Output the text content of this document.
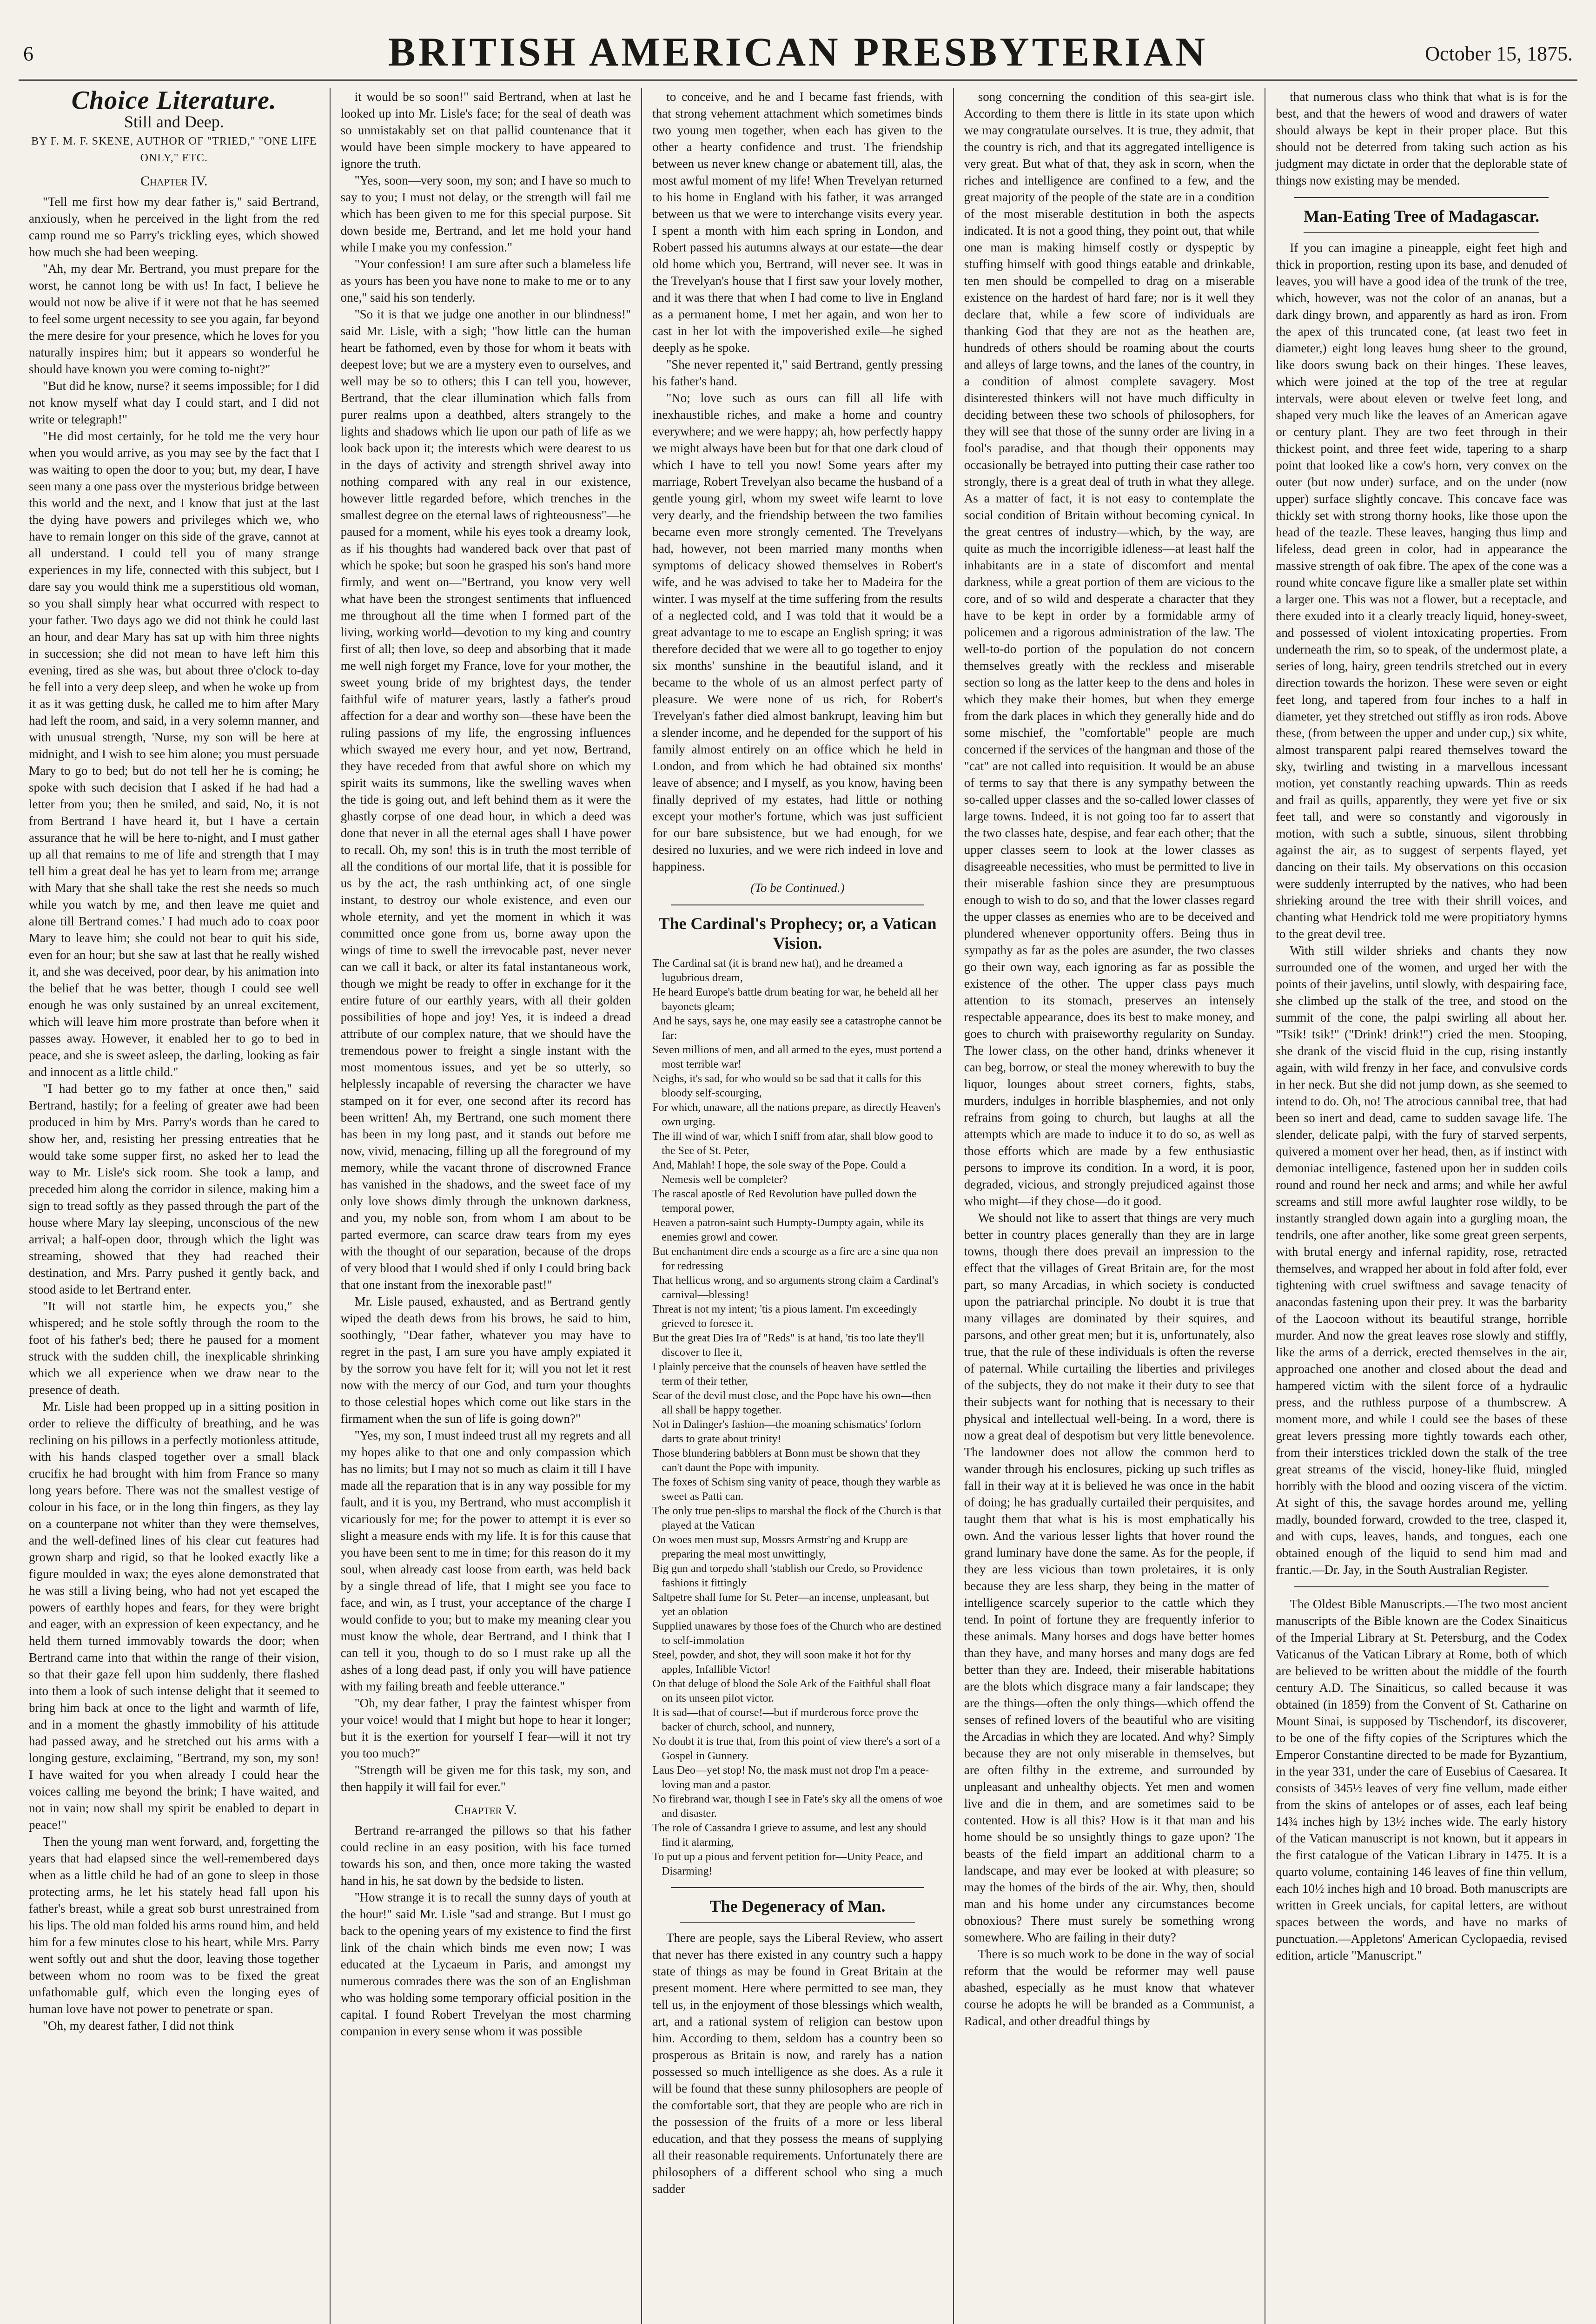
6	BRITISH AMERICAN PRESBYTERIAN	October 15, 1875.
Choice Literature.
Still and Deep.
BY F. M. F. SKENE, AUTHOR OF "TRIED," "ONE LIFE ONLY," ETC.
Chapter IV.

"Tell me first how my dear father is," said Bertrand, anxiously, when he perceived in the light from the red camp round me so Parry's trickling eyes, which showed how much she had been weeping.

"Ah, my dear Mr. Bertrand, you must prepare for the worst, he cannot long be with us! In fact, I believe he would not now be alive if it were not that he has seemed to feel some urgent necessity to see you again, far beyond the mere desire for your presence, which he loves for you naturally inspires him; but it appears so wonderful he should have known you were coming to-night?"

"But did he know, nurse? it seems impossible; for I did not know myself what day I could start, and I did not write or telegraph!"

"He did most certainly, for he told me the very hour when you would arrive, as you may see by the fact that I was waiting to open the door to you; but, my dear, I have seen many a one pass over the mysterious bridge between this world and the next, and I know that just at the last the dying have powers and privileges which we, who have to remain longer on this side of the grave, cannot at all understand. I could tell you of many strange experiences in my life, connected with this subject, but I dare say you would think me a superstitious old woman, so you shall simply hear what occurred with respect to your father. Two days ago we did not think he could last an hour, and dear Mary has sat up with him three nights in succession; she did not mean to have left him this evening, tired as she was, but about three o'clock to-day he fell into a very deep sleep, and when he woke up from it as it was getting dusk, he called me to him after Mary had left the room, and said, in a very solemn manner, and with unusual strength, 'Nurse, my son will be here at midnight, and I wish to see him alone; you must persuade Mary to go to bed; but do not tell her he is coming; he spoke with such decision that I asked if he had had a letter from you; then he smiled, and said, No, it is not from Bertrand I have heard it, but I have a certain assurance that he will be here to-night, and I must gather up all that remains to me of life and strength that I may tell him a great deal he has yet to learn from me; arrange with Mary that she shall take the rest she needs so much while you watch by me, and then leave me quiet and alone till Bertrand comes.' I had much ado to coax poor Mary to leave him; she could not bear to quit his side, even for an hour; but she saw at last that he really wished it, and she was deceived, poor dear, by his animation into the belief that he was better, though I could see well enough he was only sustained by an unreal excitement, which will leave him more prostrate than before when it passes away. However, it enabled her to go to bed in peace, and she is sweet asleep, the darling, looking as fair and innocent as a little child."

"I had better go to my father at once then," said Bertrand, hastily; for a feeling of greater awe had been produced in him by Mrs. Parry's words than he cared to show her, and, resisting her pressing entreaties that he would take some supper first, no asked her to lead the way to Mr. Lisle's sick room. She took a lamp, and preceded him along the corridor in silence, making him a sign to tread softly as they passed through the part of the house where Mary lay sleeping, unconscious of the new arrival; a half-open door, through which the light was streaming, showed that they had reached their destination, and Mrs. Parry pushed it gently back, and stood aside to let Bertrand enter.

"It will not startle him, he expects you," she whispered; and he stole softly through the room to the foot of his father's bed; there he paused for a moment struck with the sudden chill, the inexplicable shrinking which we all experience when we draw near to the presence of death.

Mr. Lisle had been propped up in a sitting position in order to relieve the difficulty of breathing, and he was reclining on his pillows in a perfectly motionless attitude, with his hands clasped together over a small black crucifix he had brought with him from France so many long years before. There was not the smallest vestige of colour in his face, or in the long thin fingers, as they lay on a counterpane not whiter than they were themselves, and the well-defined lines of his clear cut features had grown sharp and rigid, so that he looked exactly like a figure moulded in wax; the eyes alone demonstrated that he was still a living being, who had not yet escaped the powers of earthly hopes and fears, for they were bright and eager, with an expression of keen expectancy, and he held them turned immovably towards the door; when Bertrand came into that within the range of their vision, so that their gaze fell upon him suddenly, there flashed into them a look of such intense delight that it seemed to bring him back at once to the light and warmth of life, and in a moment the ghastly immobility of his attitude had passed away, and he stretched out his arms with a longing gesture, exclaiming, "Bertrand, my son, my son! I have waited for you when already I could hear the voices calling me beyond the brink; I have waited, and not in vain; now shall my spirit be enabled to depart in peace!"

Then the young man went forward, and, forgetting the years that had elapsed since the well-remembered days when as a little child he had of an gone to sleep in those protecting arms, he let his stately head fall upon his father's breast, while a great sob burst unrestrained from his lips. The old man folded his arms round him, and held him for a few minutes close to his heart, while Mrs. Parry went softly out and shut the door, leaving those together between whom no room was to be fixed the great unfathomable gulf, which even the longing eyes of human love have not power to penetrate or span.

"Oh, my dearest father, I did not think

it would be so soon!" said Bertrand, when at last he looked up into Mr. Lisle's face; for the seal of death was so unmistakably set on that pallid countenance that it would have been simple mockery to have appeared to ignore the truth.

"Yes, soon—very soon, my son; and I have so much to say to you; I must not delay, or the strength will fail me which has been given to me for this special purpose. Sit down beside me, Bertrand, and let me hold your hand while I make you my confession."

"Your confession! I am sure after such a blameless life as yours has been you have none to make to me or to any one," said his son tenderly.

"So it is that we judge one another in our blindness!" said Mr. Lisle, with a sigh; "how little can the human heart be fathomed, even by those for whom it beats with deepest love; but we are a mystery even to ourselves, and well may be so to others; this I can tell you, however, Bertrand, that the clear illumination which falls from purer realms upon a deathbed, alters strangely to the lights and shadows which lie upon our path of life as we look back upon it; the interests which were dearest to us in the days of activity and strength shrivel away into nothing compared with any real in our existence, however little regarded before, which trenches in the smallest degree on the eternal laws of righteousness"—he paused for a moment, while his eyes took a dreamy look, as if his thoughts had wandered back over that past of which he spoke; but soon he grasped his son's hand more firmly, and went on—"Bertrand, you know very well what have been the strongest sentiments that influenced me throughout all the time when I formed part of the living, working world—devotion to my king and country first of all; then love, so deep and absorbing that it made me well nigh forget my France, love for your mother, the sweet young bride of my brightest days, the tender faithful wife of maturer years, lastly a father's proud affection for a dear and worthy son—these have been the ruling passions of my life, the engrossing influences which swayed me every hour, and yet now, Bertrand, they have receded from that awful shore on which my spirit waits its summons, like the swelling waves when the tide is going out, and left behind them as it were the ghastly corpse of one dead hour, in which a deed was done that never in all the eternal ages shall I have power to recall. Oh, my son! this is in truth the most terrible of all the conditions of our mortal life, that it is possible for us by the act, the rash unthinking act, of one single instant, to destroy our whole existence, and even our whole eternity, and yet the moment in which it was committed once gone from us, borne away upon the wings of time to swell the irrevocable past, never never can we call it back, or alter its fatal instantaneous work, though we might be ready to offer in exchange for it the entire future of our earthly years, with all their golden possibilities of hope and joy! Yes, it is indeed a dread attribute of our complex nature, that we should have the tremendous power to freight a single instant with the most momentous issues, and yet be so utterly, so helplessly incapable of reversing the character we have stamped on it for ever, one second after its record has been written! Ah, my Bertrand, one such moment there has been in my long past, and it stands out before me now, vivid, menacing, filling up all the foreground of my memory, while the vacant throne of discrowned France has vanished in the shadows, and the sweet face of my only love shows dimly through the unknown darkness, and you, my noble son, from whom I am about to be parted evermore, can scarce draw tears from my eyes with the thought of our separation, because of the drops of very blood that I would shed if only I could bring back that one instant from the inexorable past!"

Mr. Lisle paused, exhausted, and as Bertrand gently wiped the death dews from his brows, he said to him, soothingly, "Dear father, whatever you may have to regret in the past, I am sure you have amply expiated it by the sorrow you have felt for it; will you not let it rest now with the mercy of our God, and turn your thoughts to those celestial hopes which come out like stars in the firmament when the sun of life is going down?"

"Yes, my son, I must indeed trust all my regrets and all my hopes alike to that one and only compassion which has no limits; but I may not so much as claim it till I have made all the reparation that is in any way possible for my fault, and it is you, my Bertrand, who must accomplish it vicariously for me; for the power to attempt it is ever so slight a measure ends with my life. It is for this cause that you have been sent to me in time; for this reason do it my soul, when already cast loose from earth, was held back by a single thread of life, that I might see you face to face, and win, as I trust, your acceptance of the charge I would confide to you; but to make my meaning clear you must know the whole, dear Bertrand, and I think that I can tell it you, though to do so I must rake up all the ashes of a long dead past, if only you will have patience with my failing breath and feeble utterance."

"Oh, my dear father, I pray the faintest whisper from your voice! would that I might but hope to hear it longer; but it is the exertion for yourself I fear—will it not try you too much?"

"Strength will be given me for this task, my son, and then happily it will fail for ever."

Chapter V.

Bertrand re-arranged the pillows so that his father could recline in an easy position, with his face turned towards his son, and then, once more taking the wasted hand in his, he sat down by the bedside to listen.

"How strange it is to recall the sunny days of youth at the hour!" said Mr. Lisle "sad and strange. But I must go back to the opening years of my existence to find the first link of the chain which binds me even now; I was educated at the Lycaeum in Paris, and amongst my numerous comrades there was the son of an Englishman who was holding some temporary official position in the capital. I found Robert Trevelyan the most charming companion in every sense whom it was possible

to conceive, and he and I became fast friends, with that strong vehement attachment which sometimes binds two young men together, when each has given to the other a hearty confidence and trust. The friendship between us never knew change or abatement till, alas, the most awful moment of my life! When Trevelyan returned to his home in England with his father, it was arranged between us that we were to interchange visits every year. I spent a month with him each spring in London, and Robert passed his autumns always at our estate—the dear old home which you, Bertrand, will never see. It was in the Trevelyan's house that I first saw your lovely mother, and it was there that when I had come to live in England as a permanent home, I met her again, and won her to cast in her lot with the impoverished exile—he sighed deeply as he spoke.

"She never repented it," said Bertrand, gently pressing his father's hand.

"No; love such as ours can fill all life with inexhaustible riches, and make a home and country everywhere; and we were happy; ah, how perfectly happy we might always have been but for that one dark cloud of which I have to tell you now! Some years after my marriage, Robert Trevelyan also became the husband of a gentle young girl, whom my sweet wife learnt to love very dearly, and the friendship between the two families became even more strongly cemented. The Trevelyans had, however, not been married many months when symptoms of delicacy showed themselves in Robert's wife, and he was advised to take her to Madeira for the winter. I was myself at the time suffering from the results of a neglected cold, and I was told that it would be a great advantage to me to escape an English spring; it was therefore decided that we were all to go together to enjoy six months' sunshine in the beautiful island, and it became to the whole of us an almost perfect party of pleasure. We were none of us rich, for Robert's Trevelyan's father died almost bankrupt, leaving him but a slender income, and he depended for the support of his family almost entirely on an office which he held in London, and from which he had obtained six months' leave of absence; and I myself, as you know, having been finally deprived of my estates, had little or nothing except your mother's fortune, which was just sufficient for our bare subsistence, but we had enough, for we desired no luxuries, and we were rich indeed in love and happiness.

(To be Continued.)
The Cardinal's Prophecy; or, a Vatican Vision.

The Cardinal sat (it is brand new hat), and he dreamed a lugubrious dream,

He heard Europe's battle drum beating for war, he beheld all her bayonets gleam;

And he says, says he, one may easily see a catastrophe cannot be far:

Seven millions of men, and all armed to the eyes, must portend a most terrible war!

Neighs, it's sad, for who would so be sad that it calls for this bloody self-scourging,

For which, unaware, all the nations prepare, as directly Heaven's own urging.

The ill wind of war, which I sniff from afar, shall blow good to the See of St. Peter,

And, Mahlah! I hope, the sole sway of the Pope. Could a Nemesis well be completer?

The rascal apostle of Red Revolution have pulled down the temporal power,

Heaven a patron-saint such Humpty-Dumpty again, while its enemies growl and cower.

But enchantment dire ends a scourge as a fire are a sine qua non for redressing

That hellicus wrong, and so arguments strong claim a Cardinal's carnival—blessing!

Threat is not my intent; 'tis a pious lament. I'm exceedingly grieved to foresee it.

But the great Dies Ira of "Reds" is at hand, 'tis too late they'll discover to flee it,

I plainly perceive that the counsels of heaven have settled the term of their tether,

Sear of the devil must close, and the Pope have his own—then all shall be happy together.

Not in Dalinger's fashion—the moaning schismatics' forlorn darts to grate about trinity!

Those blundering babblers at Bonn must be shown that they can't daunt the Pope with impunity.

The foxes of Schism sing vanity of peace, though they warble as sweet as Patti can.

The only true pen-slips to marshal the flock of the Church is that played at the Vatican

On woes men must sup, Mossrs Armstr'ng and Krupp are preparing the meal most unwittingly,

Big gun and torpedo shall 'stablish our Credo, so Providence fashions it fittingly

Saltpetre shall fume for St. Peter—an incense, unpleasant, but yet an oblation

Supplied unawares by those foes of the Church who are destined to self-immolation

Steel, powder, and shot, they will soon make it hot for thy apples, Infallible Victor!

On that deluge of blood the Sole Ark of the Faithful shall float on its unseen pilot victor.

It is sad—that of course!—but if murderous force prove the backer of church, school, and nunnery,

No doubt it is true that, from this point of view there's a sort of a Gospel in Gunnery.

Laus Deo—yet stop! No, the mask must not drop I'm a peace-loving man and a pastor.

No firebrand war, though I see in Fate's sky all the omens of woe and disaster.

The role of Cassandra I grieve to assume, and lest any should find it alarming,

To put up a pious and fervent petition for—Unity Peace, and Disarming!

The Degeneracy of Man.

There are people, says the Liberal Review, who assert that never has there existed in any country such a happy state of things as may be found in Great Britain at the present moment. Here where permitted to see man, they tell us, in the enjoyment of those blessings which wealth, art, and a rational system of religion can bestow upon him. According to them, seldom has a country been so prosperous as Britain is now, and rarely has a nation possessed so much intelligence as she does. As a rule it will be found that these sunny philosophers are people of the comfortable sort, that they are people who are rich in the possession of the fruits of a more or less liberal education, and that they possess the means of supplying all their reasonable requirements. Unfortunately there are philosophers of a different school who sing a much sadder

song concerning the condition of this sea-girt isle. According to them there is little in its state upon which we may congratulate ourselves. It is true, they admit, that the country is rich, and that its aggregated intelligence is very great. But what of that, they ask in scorn, when the riches and intelligence are confined to a few, and the great majority of the people of the state are in a condition of the most miserable destitution in both the aspects indicated. It is not a good thing, they point out, that while one man is making himself costly or dyspeptic by stuffing himself with good things eatable and drinkable, ten men should be compelled to drag on a miserable existence on the hardest of hard fare; nor is it well they declare that, while a few score of individuals are thanking God that they are not as the heathen are, hundreds of others should be roaming about the courts and alleys of large towns, and the lanes of the country, in a condition of almost complete savagery. Most disinterested thinkers will not have much difficulty in deciding between these two schools of philosophers, for they will see that those of the sunny order are living in a fool's paradise, and that though their opponents may occasionally be betrayed into putting their case rather too strongly, there is a great deal of truth in what they allege. As a matter of fact, it is not easy to contemplate the social condition of Britain without becoming cynical. In the great centres of industry—which, by the way, are quite as much the incorrigible idleness—at least half the inhabitants are in a state of discomfort and mental darkness, while a great portion of them are vicious to the core, and of so wild and desperate a character that they have to be kept in order by a formidable army of policemen and a rigorous administration of the law. The well-to-do portion of the population do not concern themselves greatly with the reckless and miserable section so long as the latter keep to the dens and holes in which they make their homes, but when they emerge from the dark places in which they generally hide and do some mischief, the "comfortable" people are much concerned if the services of the hangman and those of the "cat" are not called into requisition. It would be an abuse of terms to say that there is any sympathy between the so-called upper classes and the so-called lower classes of large towns. Indeed, it is not going too far to assert that the two classes hate, despise, and fear each other; that the upper classes seem to look at the lower classes as disagreeable necessities, who must be permitted to live in their miserable fashion since they are presumptuous enough to wish to do so, and that the lower classes regard the upper classes as enemies who are to be deceived and plundered whenever opportunity offers. Being thus in sympathy as far as the poles are asunder, the two classes go their own way, each ignoring as far as possible the existence of the other. The upper class pays much attention to its stomach, preserves an intensely respectable appearance, does its best to make money, and goes to church with praiseworthy regularity on Sunday. The lower class, on the other hand, drinks whenever it can beg, borrow, or steal the money wherewith to buy the liquor, lounges about street corners, fights, stabs, murders, indulges in horrible blasphemies, and not only refrains from going to church, but laughs at all the attempts which are made to induce it to do so, as well as those efforts which are made by a few enthusiastic persons to improve its condition. In a word, it is poor, degraded, vicious, and strongly prejudiced against those who might—if they chose—do it good.

We should not like to assert that things are very much better in country places generally than they are in large towns, though there does prevail an impression to the effect that the villages of Great Britain are, for the most part, so many Arcadias, in which society is conducted upon the patriarchal principle. No doubt it is true that many villages are dominated by their squires, and parsons, and other great men; but it is, unfortunately, also true, that the rule of these individuals is often the reverse of paternal. While curtailing the liberties and privileges of the subjects, they do not make it their duty to see that their subjects want for nothing that is necessary to their physical and intellectual well-being. In a word, there is now a great deal of despotism but very little benevolence. The landowner does not allow the common herd to wander through his enclosures, picking up such trifles as fall in their way at it is believed he was once in the habit of doing; he has gradually curtailed their perquisites, and taught them that what is his is most emphatically his own. And the various lesser lights that hover round the grand luminary have done the same. As for the people, if they are less vicious than town proletaires, it is only because they are less sharp, they being in the matter of intelligence scarcely superior to the cattle which they tend. In point of fortune they are frequently inferior to these animals. Many horses and dogs have better homes than they have, and many horses and many dogs are fed better than they are. Indeed, their miserable habitations are the blots which disgrace many a fair landscape; they are the things—often the only things—which offend the senses of refined lovers of the beautiful who are visiting the Arcadias in which they are located. And why? Simply because they are not only miserable in themselves, but are often filthy in the extreme, and surrounded by unpleasant and unhealthy objects. Yet men and women live and die in them, and are sometimes said to be contented. How is all this? How is it that man and his home should be so unsightly things to gaze upon? The beasts of the field impart an additional charm to a landscape, and may ever be looked at with pleasure; so may the homes of the birds of the air. Why, then, should man and his home under any circumstances become obnoxious? There must surely be something wrong somewhere. Who are failing in their duty?

There is so much work to be done in the way of social reform that the would be reformer may well pause abashed, especially as he must know that whatever course he adopts he will be branded as a Communist, a Radical, and other dreadful things by

that numerous class who think that what is is for the best, and that the hewers of wood and drawers of water should always be kept in their proper place. But this should not be deterred from taking such action as his judgment may dictate in order that the deplorable state of things now existing may be mended.

Man-Eating Tree of Madagascar.

If you can imagine a pineapple, eight feet high and thick in proportion, resting upon its base, and denuded of leaves, you will have a good idea of the trunk of the tree, which, however, was not the color of an ananas, but a dark dingy brown, and apparently as hard as iron. From the apex of this truncated cone, (at least two feet in diameter,) eight long leaves hung sheer to the ground, like doors swung back on their hinges. These leaves, which were joined at the top of the tree at regular intervals, were about eleven or twelve feet long, and shaped very much like the leaves of an American agave or century plant. They are two feet through in their thickest point, and three feet wide, tapering to a sharp point that looked like a cow's horn, very convex on the outer (but now under) surface, and on the under (now upper) surface slightly concave. This concave face was thickly set with strong thorny hooks, like those upon the head of the teazle. These leaves, hanging thus limp and lifeless, dead green in color, had in appearance the massive strength of oak fibre. The apex of the cone was a round white concave figure like a smaller plate set within a larger one. This was not a flower, but a receptacle, and there exuded into it a clearly treacly liquid, honey-sweet, and possessed of violent intoxicating properties. From underneath the rim, so to speak, of the undermost plate, a series of long, hairy, green tendrils stretched out in every direction towards the horizon. These were seven or eight feet long, and tapered from four inches to a half in diameter, yet they stretched out stiffly as iron rods. Above these, (from between the upper and under cup,) six white, almost transparent palpi reared themselves toward the sky, twirling and twisting in a marvellous incessant motion, yet constantly reaching upwards. Thin as reeds and frail as quills, apparently, they were yet five or six feet tall, and were so constantly and vigorously in motion, with such a subtle, sinuous, silent throbbing against the air, as to suggest of serpents flayed, yet dancing on their tails. My observations on this occasion were suddenly interrupted by the natives, who had been shrieking around the tree with their shrill voices, and chanting what Hendrick told me were propitiatory hymns to the great devil tree.

With still wilder shrieks and chants they now surrounded one of the women, and urged her with the points of their javelins, until slowly, with despairing face, she climbed up the stalk of the tree, and stood on the summit of the cone, the palpi swirling all about her. "Tsik! tsik!" ("Drink! drink!") cried the men. Stooping, she drank of the viscid fluid in the cup, rising instantly again, with wild frenzy in her face, and convulsive cords in her neck. But she did not jump down, as she seemed to intend to do. Oh, no! The atrocious cannibal tree, that had been so inert and dead, came to sudden savage life. The slender, delicate palpi, with the fury of starved serpents, quivered a moment over her head, then, as if instinct with demoniac intelligence, fastened upon her in sudden coils round and round her neck and arms; and while her awful screams and still more awful laughter rose wildly, to be instantly strangled down again into a gurgling moan, the tendrils, one after another, like some great green serpents, with brutal energy and infernal rapidity, rose, retracted themselves, and wrapped her about in fold after fold, ever tightening with cruel swiftness and savage tenacity of anacondas fastening upon their prey. It was the barbarity of the Laocoon without its beautiful strange, horrible murder. And now the great leaves rose slowly and stiffly, like the arms of a derrick, erected themselves in the air, approached one another and closed about the dead and hampered victim with the silent force of a hydraulic press, and the ruthless purpose of a thumbscrew. A moment more, and while I could see the bases of these great levers pressing more tightly towards each other, from their interstices trickled down the stalk of the tree great streams of the viscid, honey-like fluid, mingled horribly with the blood and oozing viscera of the victim. At sight of this, the savage hordes around me, yelling madly, bounded forward, crowded to the tree, clasped it, and with cups, leaves, hands, and tongues, each one obtained enough of the liquid to send him mad and frantic.—Dr. Jay, in the South Australian Register.

The Oldest Bible Manuscripts.—The two most ancient manuscripts of the Bible known are the Codex Sinaiticus of the Imperial Library at St. Petersburg, and the Codex Vaticanus of the Vatican Library at Rome, both of which are believed to be written about the middle of the fourth century A.D. The Sinaiticus, so called because it was obtained (in 1859) from the Convent of St. Catharine on Mount Sinai, is supposed by Tischendorf, its discoverer, to be one of the fifty copies of the Scriptures which the Emperor Constantine directed to be made for Byzantium, in the year 331, under the care of Eusebius of Caesarea. It consists of 345½ leaves of very fine vellum, made either from the skins of antelopes or of asses, each leaf being 14¾ inches high by 13½ inches wide. The early history of the Vatican manuscript is not known, but it appears in the first catalogue of the Vatican Library in 1475. It is a quarto volume, containing 146 leaves of fine thin vellum, each 10½ inches high and 10 broad. Both manuscripts are written in Greek uncials, for capital letters, are without spaces between the words, and have no marks of punctuation.—Appletons' American Cyclopaedia, revised edition, article "Manuscript."
